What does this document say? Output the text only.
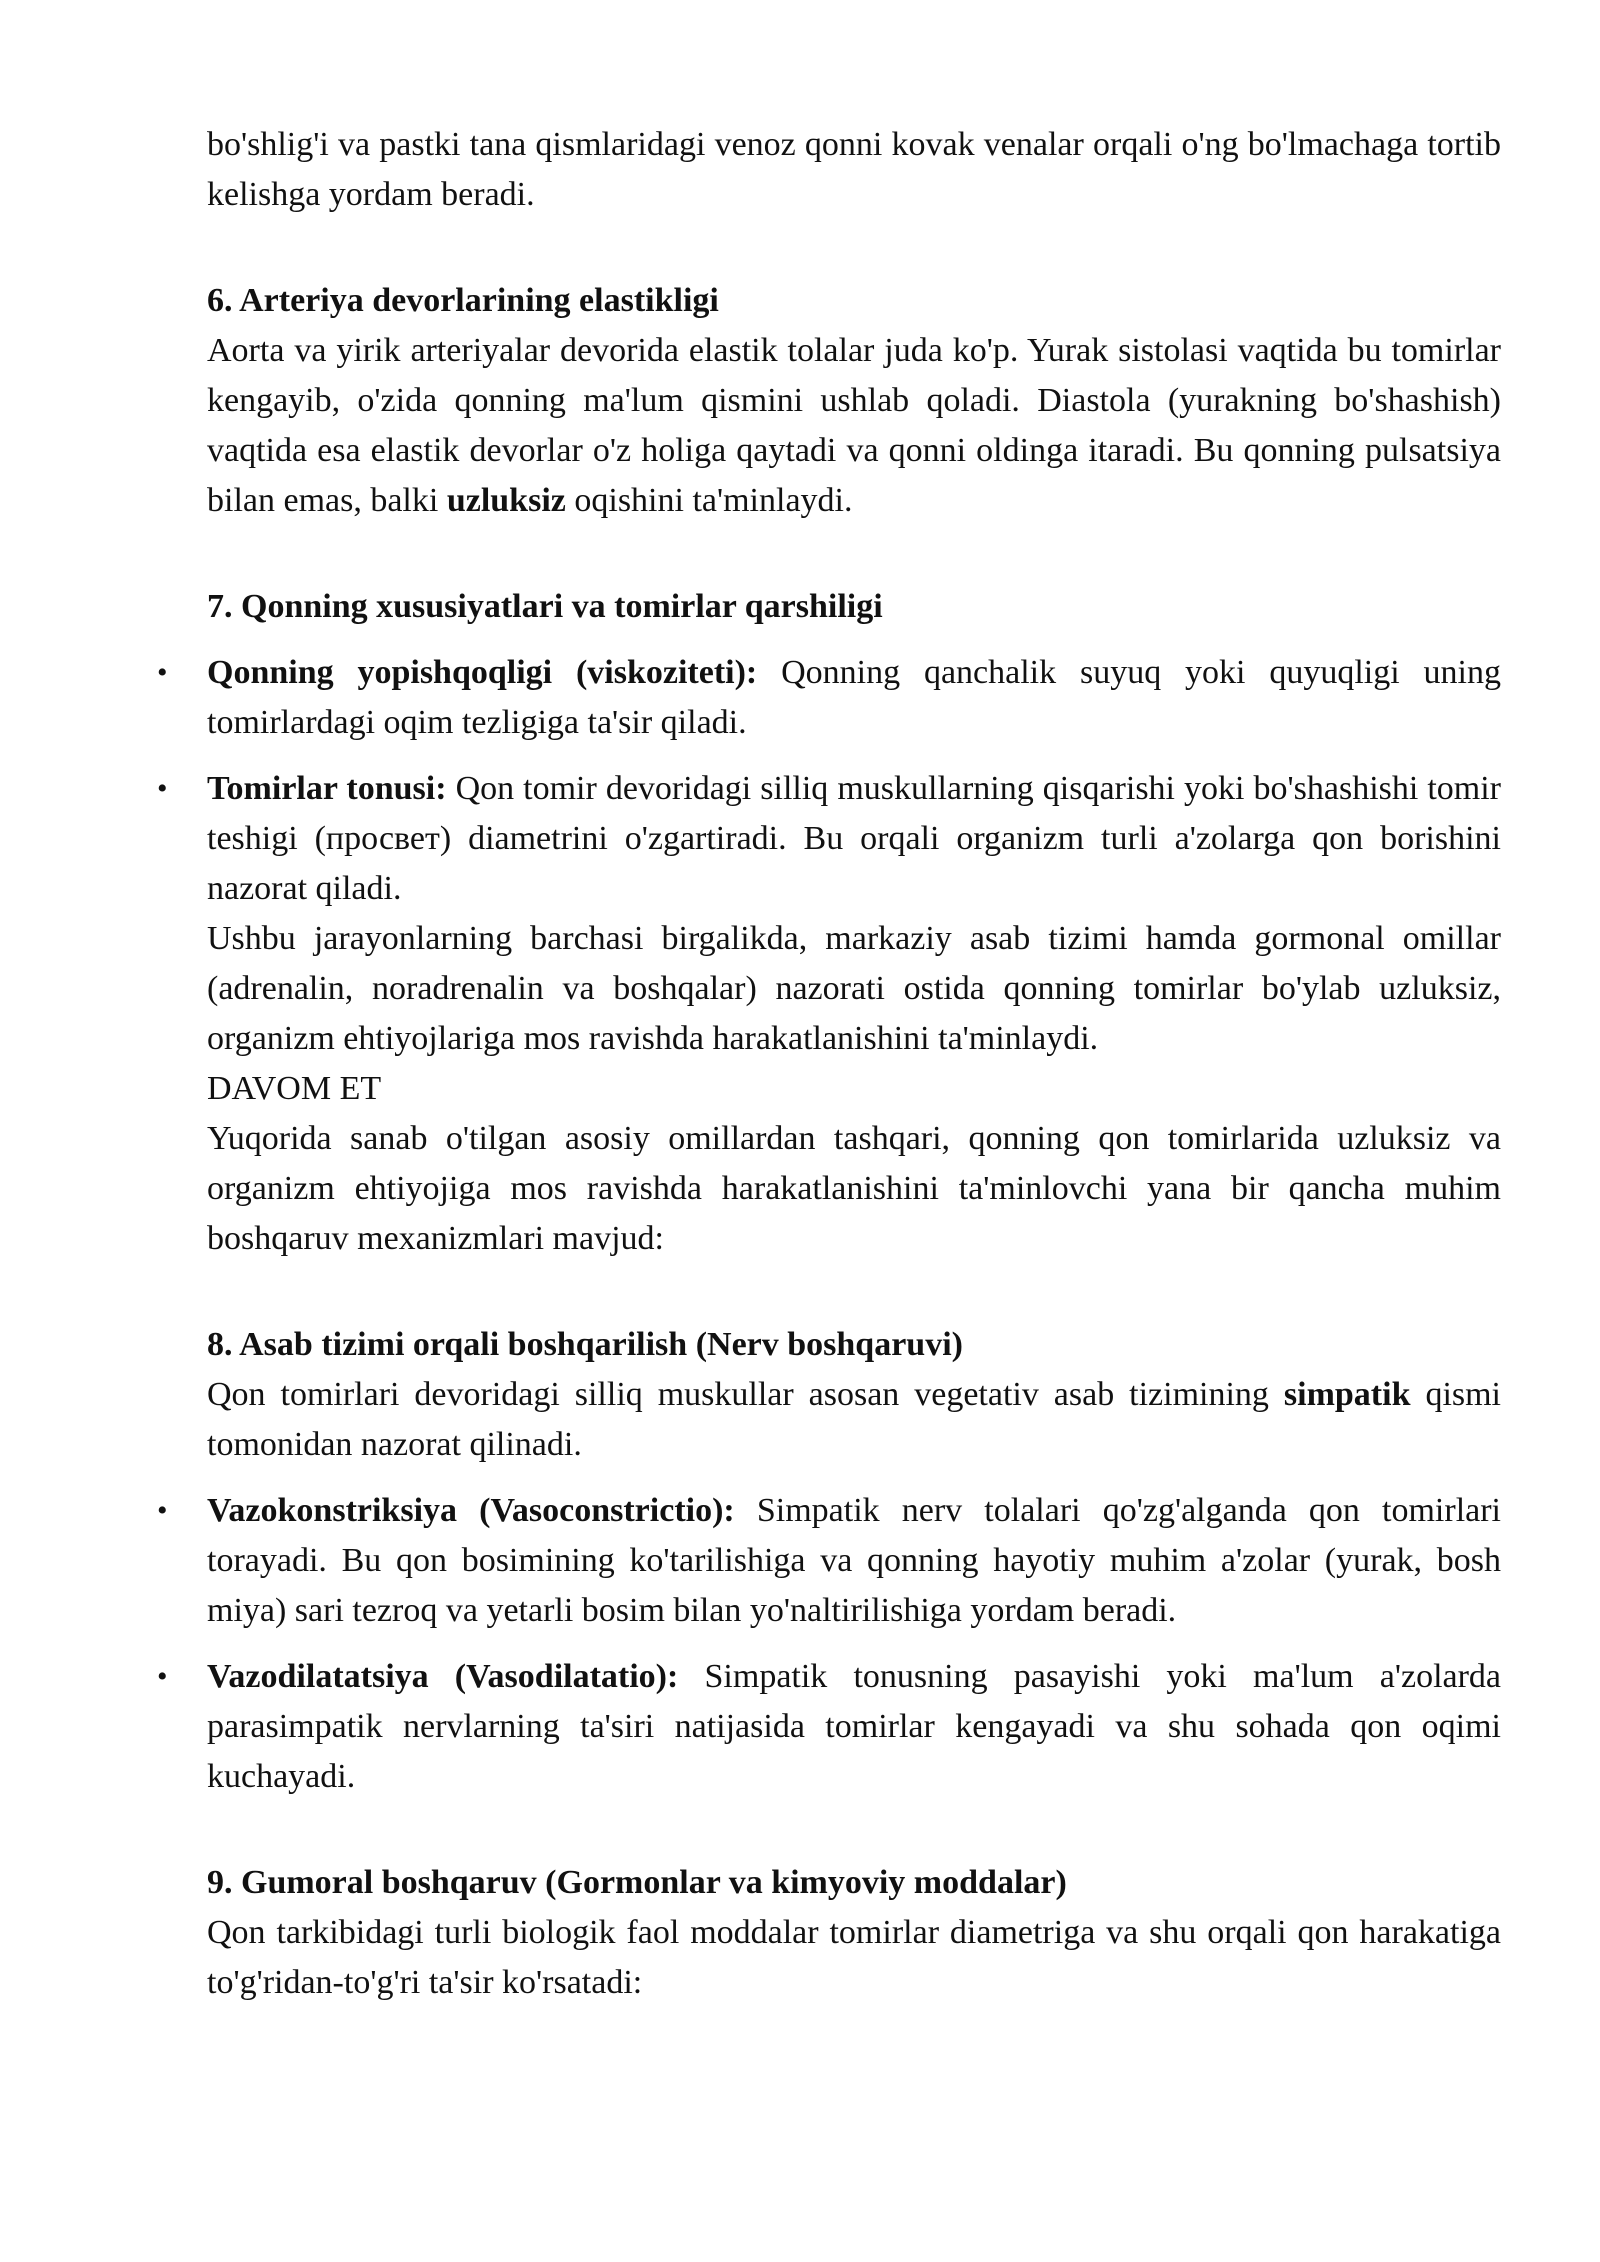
bo'shlig'i va pastki tana qismlaridagi venoz qonni kovak venalar orqali o'ng bo'lmachaga tortib kelishga yordam beradi.

6. Arteriya devorlarining elastikligi

Aorta va yirik arteriyalar devorida elastik tolalar juda ko'p. Yurak sistolasi vaqtida bu tomirlar kengayib, o'zida qonning ma'lum qismini ushlab qoladi. Diastola (yurakning bo'shashish) vaqtida esa elastik devorlar o'z holiga qaytadi va qonni oldinga itaradi. Bu qonning pulsatsiya bilan emas, balki uzluksiz oqishini ta'minlaydi.

7. Qonning xususiyatlari va tomirlar qarshiligi

• Qonning yopishqoqligi (viskoziteti): Qonning qanchalik suyuq yoki quyuqligi uning tomirlardagi oqim tezligiga ta'sir qiladi.
• Tomirlar tonusi: Qon tomir devoridagi silliq muskullarning qisqarishi yoki bo'shashishi tomir teshigi (просвет) diametrini o'zgartiradi. Bu orqali organizm turli a'zolarga qon borishini nazorat qiladi.

Ushbu jarayonlarning barchasi birgalikda, markaziy asab tizimi hamda gormonal omillar (adrenalin, noradrenalin va boshqalar) nazorati ostida qonning tomirlar bo'ylab uzluksiz, organizm ehtiyojlariga mos ravishda harakatlanishini ta'minlaydi.

DAVOM ET

Yuqorida sanab o'tilgan asosiy omillardan tashqari, qonning qon tomirlarida uzluksiz va organizm ehtiyojiga mos ravishda harakatlanishini ta'minlovchi yana bir qancha muhim boshqaruv mexanizmlari mavjud:

8. Asab tizimi orqali boshqarilish (Nerv boshqaruvi)

Qon tomirlari devoridagi silliq muskullar asosan vegetativ asab tizimining simpatik qismi tomonidan nazorat qilinadi.

• Vazokonstriksiya (Vasoconstrictio): Simpatik nerv tolalari qo'zg'alganda qon tomirlari torayadi. Bu qon bosimining ko'tarilishiga va qonning hayotiy muhim a'zolar (yurak, bosh miya) sari tezroq va yetarli bosim bilan yo'naltirilishiga yordam beradi.
• Vazodilatatsiya (Vasodilatatio): Simpatik tonusning pasayishi yoki ma'lum a'zolarda parasimpatik nervlarning ta'siri natijasida tomirlar kengayadi va shu sohada qon oqimi kuchayadi.

9. Gumoral boshqaruv (Gormonlar va kimyoviy moddalar)

Qon tarkibidagi turli biologik faol moddalar tomirlar diametriga va shu orqali qon harakatiga to'g'ridan-to'g'ri ta'sir ko'rsatadi:
